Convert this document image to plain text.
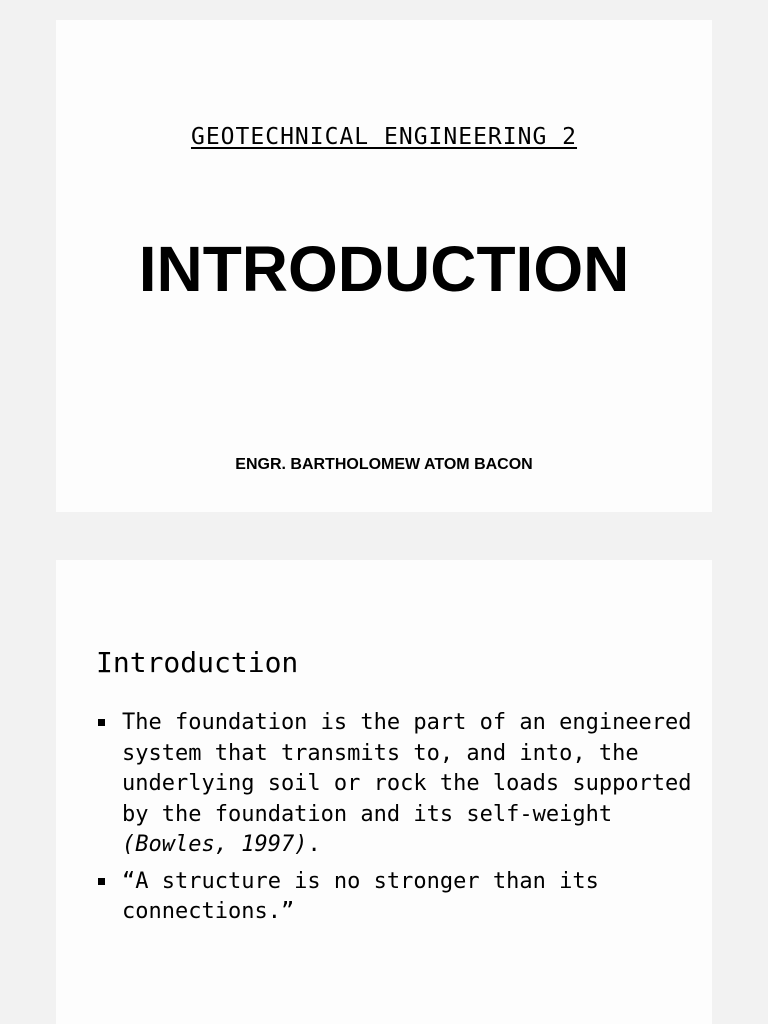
GEOTECHNICAL ENGINEERING 2
INTRODUCTION

ENGR. BARTHOLOMEW ATOM BACON

Introduction
The foundation is the part of an engineered system that transmits to, and into, the underlying soil or rock the loads supported by the foundation and its self-weight (Bowles, 1997).
“A structure is no stronger than its connections.”
